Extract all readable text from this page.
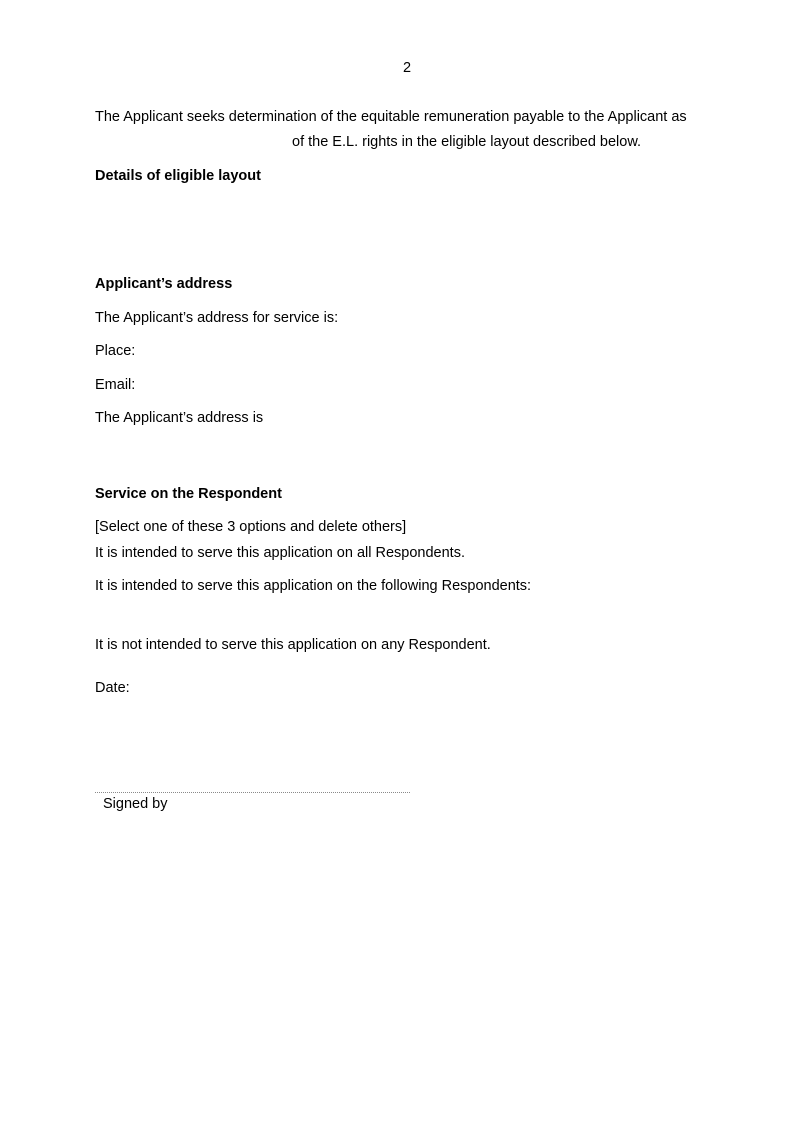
2
The Applicant seeks determination of the equitable remuneration payable to the Applicant as
of the E.L. rights in the eligible layout described below.
Details of eligible layout
Applicant’s address
The Applicant’s address for service is:
Place:
Email:
The Applicant’s address is
Service on the Respondent
[Select one of these 3 options and delete others]
It is intended to serve this application on all Respondents.
It is intended to serve this application on the following Respondents:
It is not intended to serve this application on any Respondent.
Date:
Signed by
